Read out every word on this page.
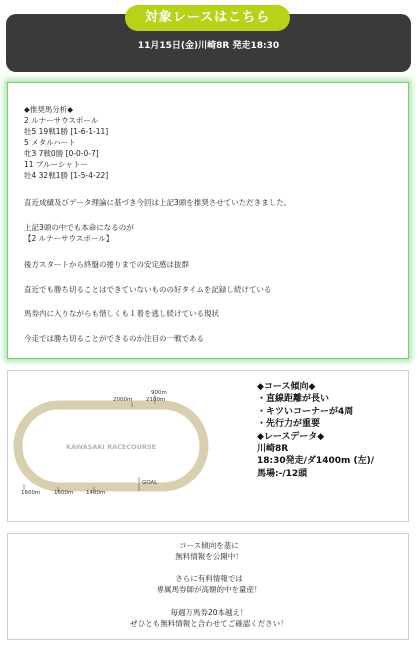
対象レースはこちら
11月15日(金)川崎8R 発走18:30
◆推奨馬分析◆
2 ルナーサウスポール
牡5 19戦1勝 [1-6-1-11]
5 メタルハート
牝3 7戦0勝 [0-0-0-7]
11 ブルーシャトー
牡4 32戦1勝 [1-5-4-22]
直近成績及びデータ理論に基づき今回は上記3頭を推奨させていただきました。
上記3頭の中でも本命になるのが
【2 ルナーサウスポール】
後方スタートから終盤の捲りまでの安定感は抜群
直近でも勝ち切ることはできていないものの好タイムを記録し続けている
馬券内に入りながらも惜しくも１着を逃し続けている現状
今走では勝ち切ることができるのか注目の一戦である
KAWASAKI RACECOURSE
900m
2000m 2100m
1600m 1500m 1400m
GOAL
◆コース傾向◆
・直線距離が長い
・キツいコーナーが4周
・先行力が重要
◆レースデータ◆
川崎8R
18:30発走/ダ1400m (左)/
馬場:-/12頭
コース傾向を基に
無料情報を公開中！
さらに有料情報では
専属馬券師が高額的中を量産！
毎週万馬券20本越え！
ぜひとも無料情報と合わせてご確認ください！
